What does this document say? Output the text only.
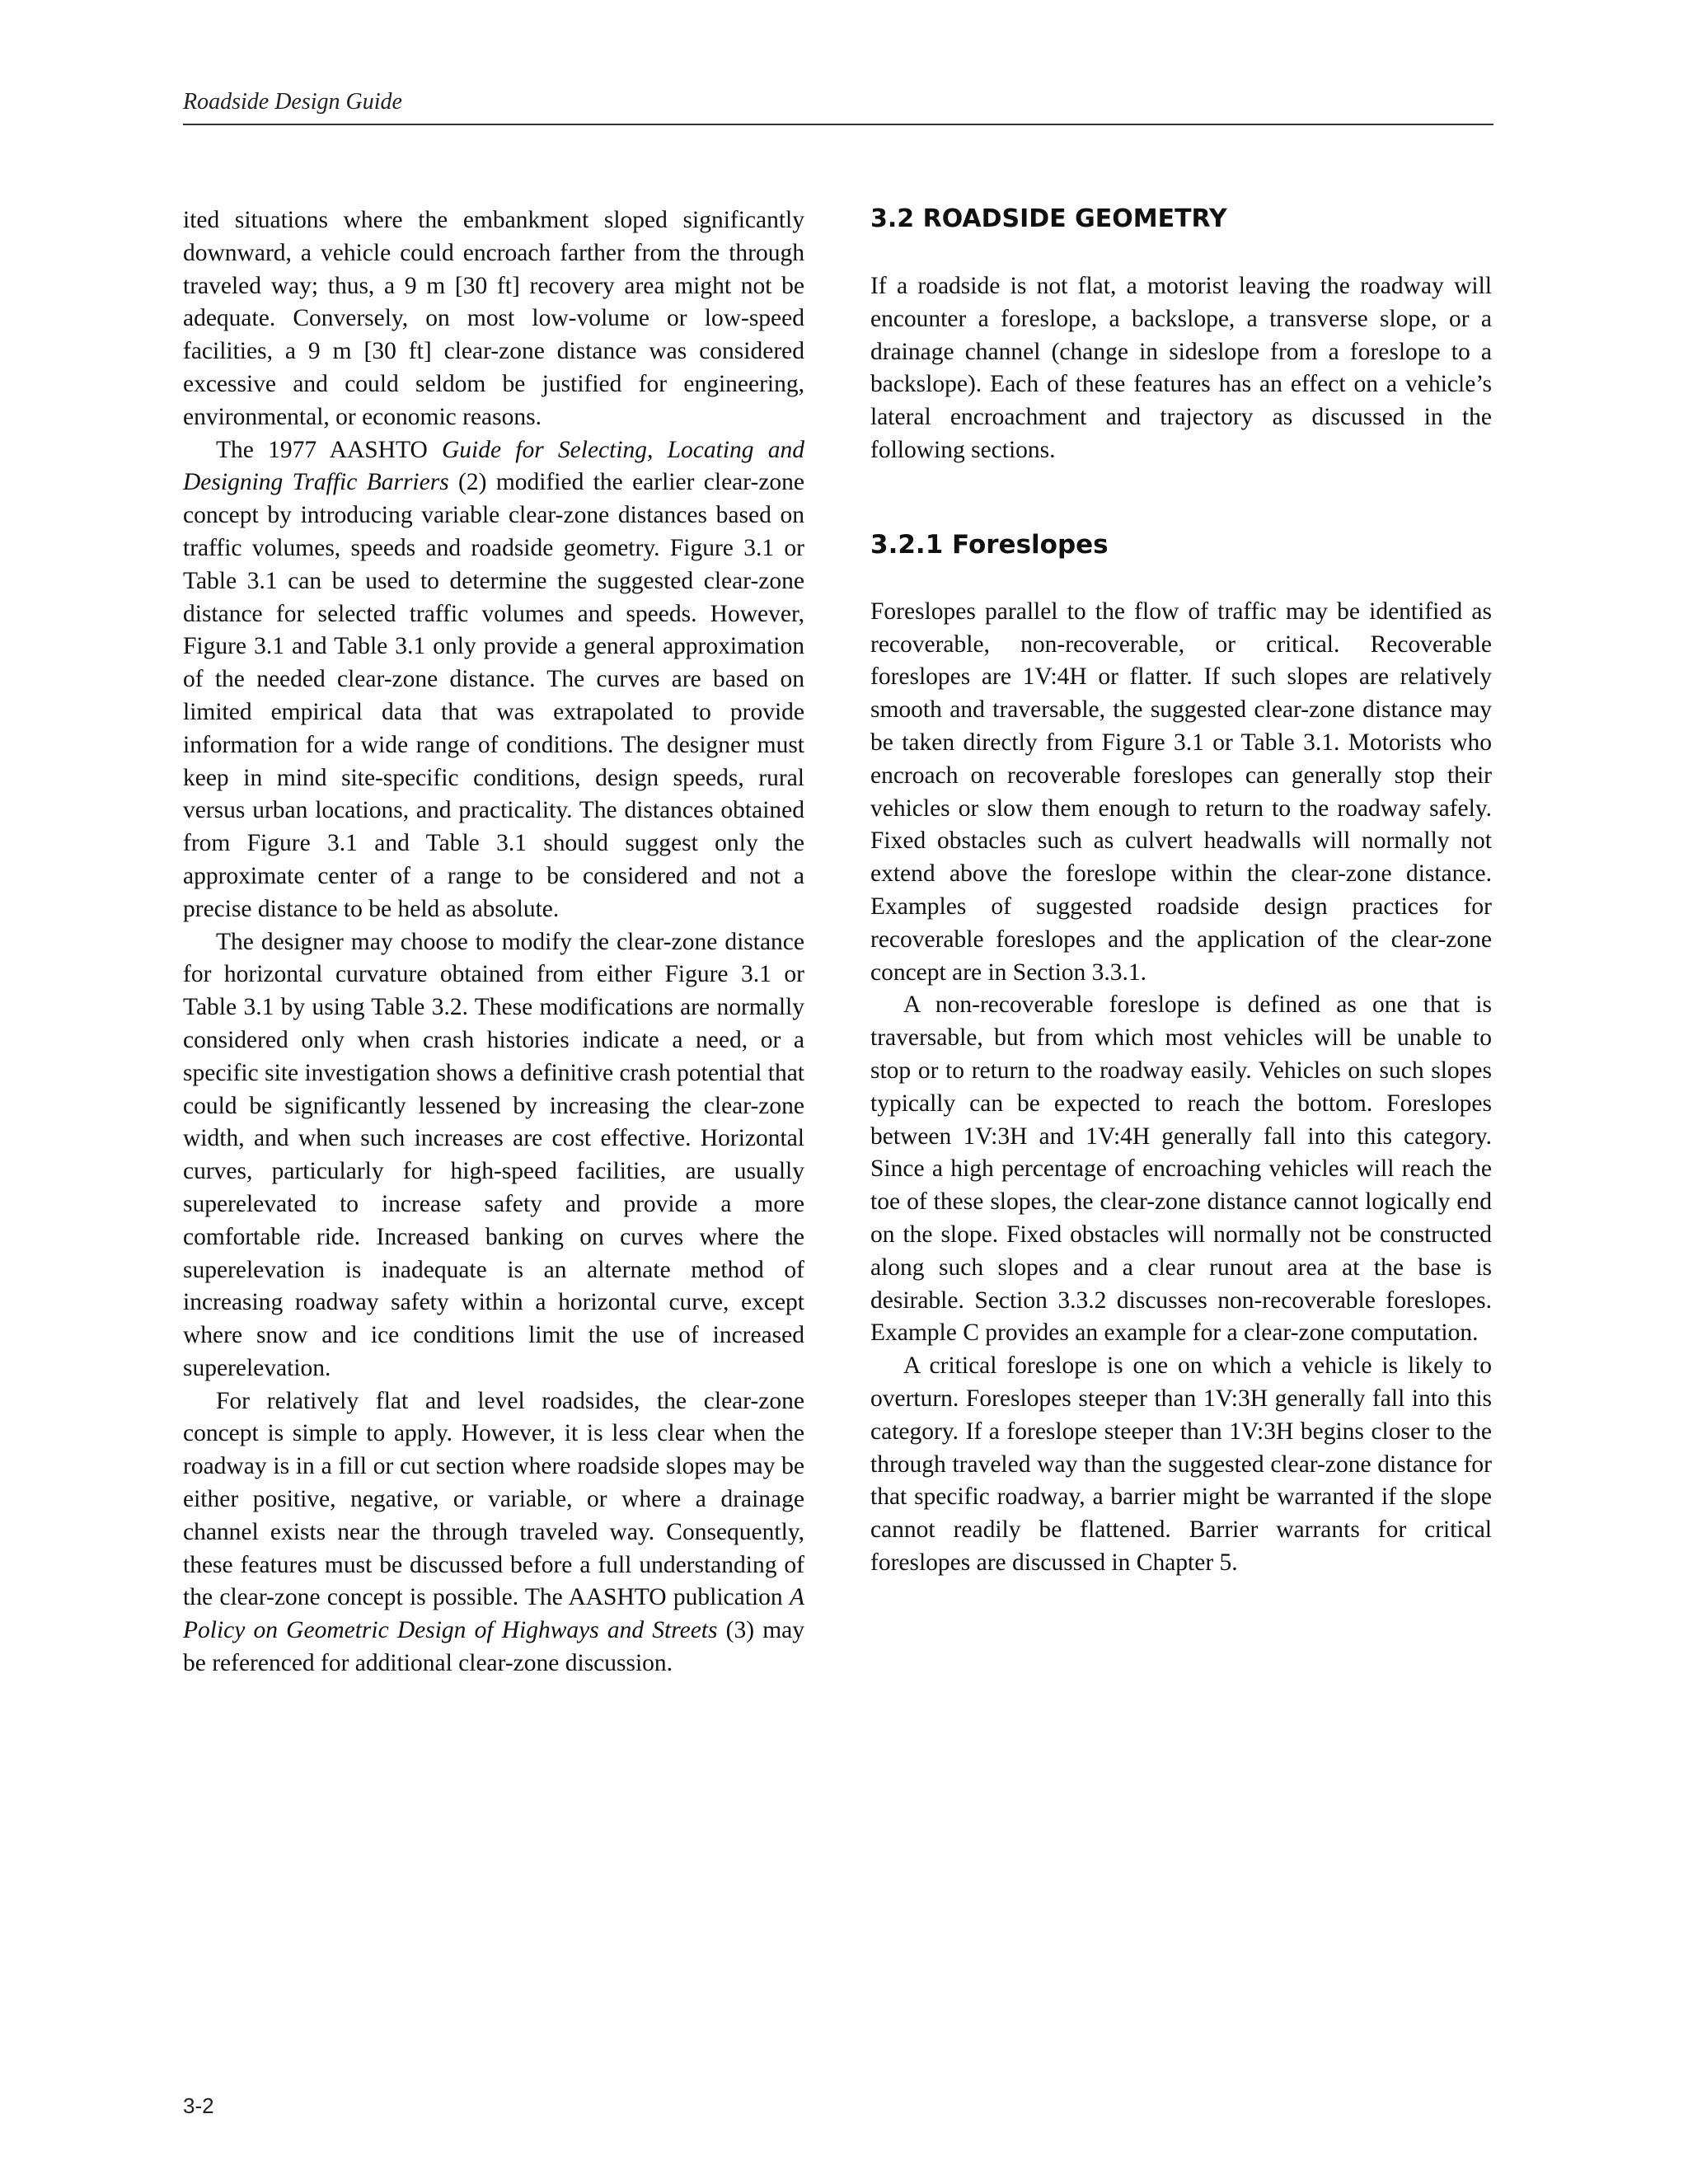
Roadside Design Guide

ited situations where the embankment sloped significantly downward, a vehicle could encroach farther from the through traveled way; thus, a 9 m [30 ft] recovery area might not be adequate. Conversely, on most low-volume or low-speed facilities, a 9 m [30 ft] clear-zone distance was considered excessive and could seldom be justified for engineering, environmental, or economic reasons.

The 1977 AASHTO Guide for Selecting, Locating and Designing Traffic Barriers (2) modified the earlier clear-zone concept by introducing variable clear-zone distances based on traffic volumes, speeds and roadside geometry. Figure 3.1 or Table 3.1 can be used to determine the suggested clear-zone distance for selected traffic volumes and speeds. However, Figure 3.1 and Table 3.1 only provide a general approximation of the needed clear-zone distance. The curves are based on limited empirical data that was extrapolated to provide information for a wide range of conditions. The designer must keep in mind site-specific conditions, design speeds, rural versus urban locations, and practicality. The distances obtained from Figure 3.1 and Table 3.1 should suggest only the approximate center of a range to be considered and not a precise distance to be held as absolute.

The designer may choose to modify the clear-zone distance for horizontal curvature obtained from either Figure 3.1 or Table 3.1 by using Table 3.2. These modifications are normally considered only when crash histories indicate a need, or a specific site investigation shows a definitive crash potential that could be significantly lessened by increasing the clear-zone width, and when such increases are cost effective. Horizontal curves, particularly for high-speed facilities, are usually superelevated to increase safety and provide a more comfortable ride. Increased banking on curves where the superelevation is inadequate is an alternate method of increasing roadway safety within a horizontal curve, except where snow and ice conditions limit the use of increased superelevation.

For relatively flat and level roadsides, the clear-zone concept is simple to apply. However, it is less clear when the roadway is in a fill or cut section where roadside slopes may be either positive, negative, or variable, or where a drainage channel exists near the through traveled way. Consequently, these features must be discussed before a full understanding of the clear-zone concept is possible. The AASHTO publication A Policy on Geometric Design of Highways and Streets (3) may be referenced for additional clear-zone discussion.

3.2 ROADSIDE GEOMETRY

If a roadside is not flat, a motorist leaving the roadway will encounter a foreslope, a backslope, a transverse slope, or a drainage channel (change in sideslope from a foreslope to a backslope). Each of these features has an effect on a vehicle’s lateral encroachment and trajectory as discussed in the following sections.

3.2.1 Foreslopes

Foreslopes parallel to the flow of traffic may be identified as recoverable, non-recoverable, or critical. Recoverable foreslopes are 1V:4H or flatter. If such slopes are relatively smooth and traversable, the suggested clear-zone distance may be taken directly from Figure 3.1 or Table 3.1. Motorists who encroach on recoverable foreslopes can generally stop their vehicles or slow them enough to return to the roadway safely. Fixed obstacles such as culvert headwalls will normally not extend above the foreslope within the clear-zone distance. Examples of suggested roadside design practices for recoverable foreslopes and the application of the clear-zone concept are in Section 3.3.1.

A non-recoverable foreslope is defined as one that is traversable, but from which most vehicles will be unable to stop or to return to the roadway easily. Vehicles on such slopes typically can be expected to reach the bottom. Foreslopes between 1V:3H and 1V:4H generally fall into this category. Since a high percentage of encroaching vehicles will reach the toe of these slopes, the clear-zone distance cannot logically end on the slope. Fixed obstacles will normally not be constructed along such slopes and a clear runout area at the base is desirable. Section 3.3.2 discusses non-recoverable foreslopes. Example C provides an example for a clear-zone computation.

A critical foreslope is one on which a vehicle is likely to overturn. Foreslopes steeper than 1V:3H generally fall into this category. If a foreslope steeper than 1V:3H begins closer to the through traveled way than the suggested clear-zone distance for that specific roadway, a barrier might be warranted if the slope cannot readily be flattened. Barrier warrants for critical foreslopes are discussed in Chapter 5.

3-2
